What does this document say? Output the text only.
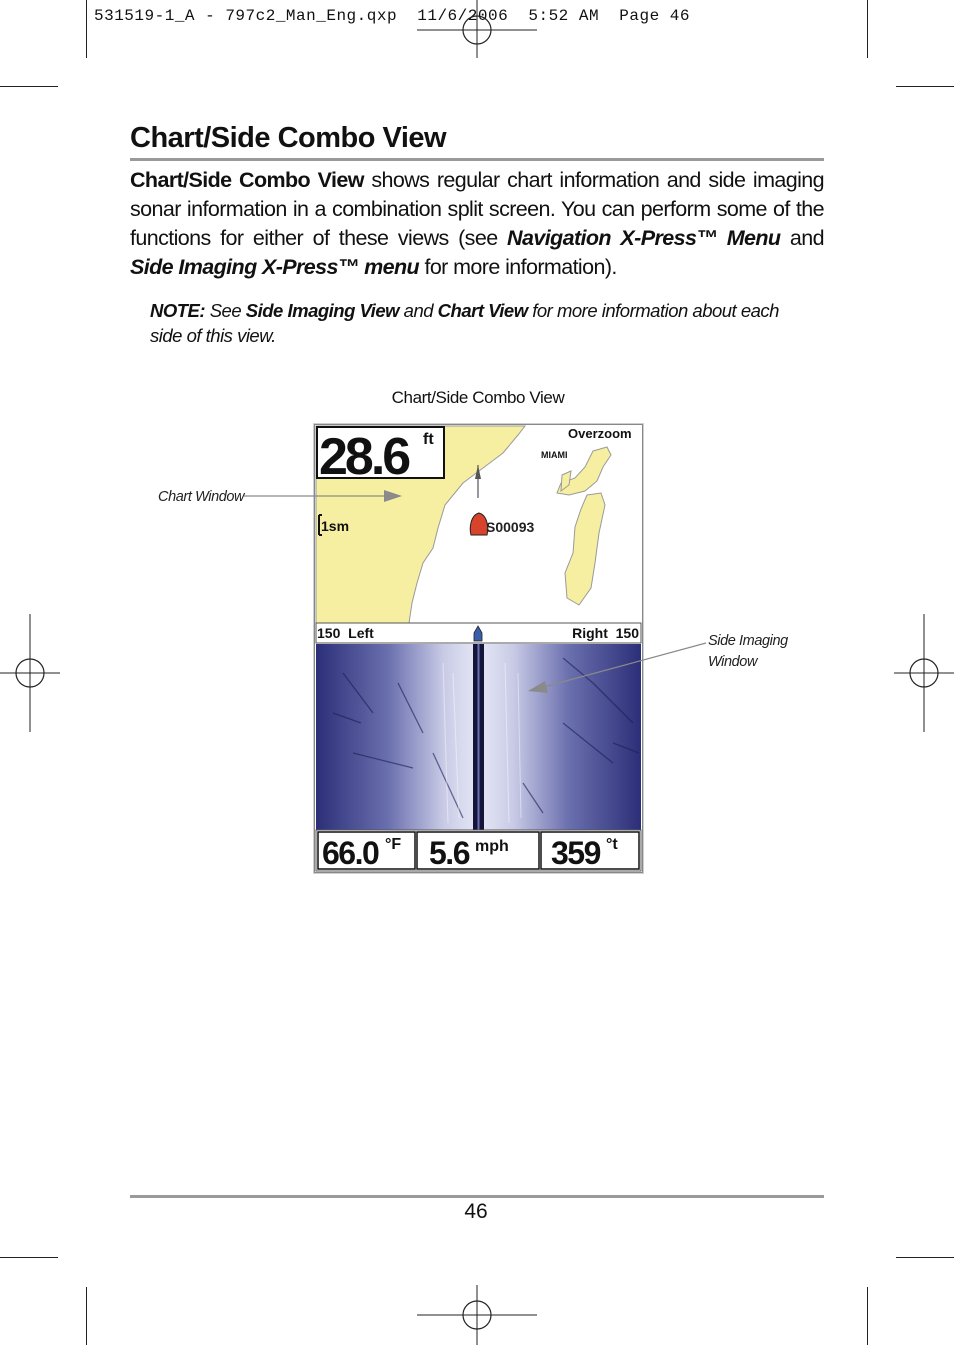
531519-1_A - 797c2_Man_Eng.qxp  11/6/2006  5:52 AM  Page 46
Chart/Side Combo View
Chart/Side Combo View shows regular chart information and side imaging sonar information in a combination split screen. You can perform some of the functions for either of these views (see Navigation X-Press™ Menu and Side Imaging X-Press™ menu for more information).
NOTE: See Side Imaging View and Chart View for more information about each side of this view.
Chart/Side Combo View
28.6 ft	Overzoom
MIAMI
1sm	S00093
150  Left	Right  150
66.0 °F 5.6 mph 359 °t
Chart Window
Side Imaging
Window
46
